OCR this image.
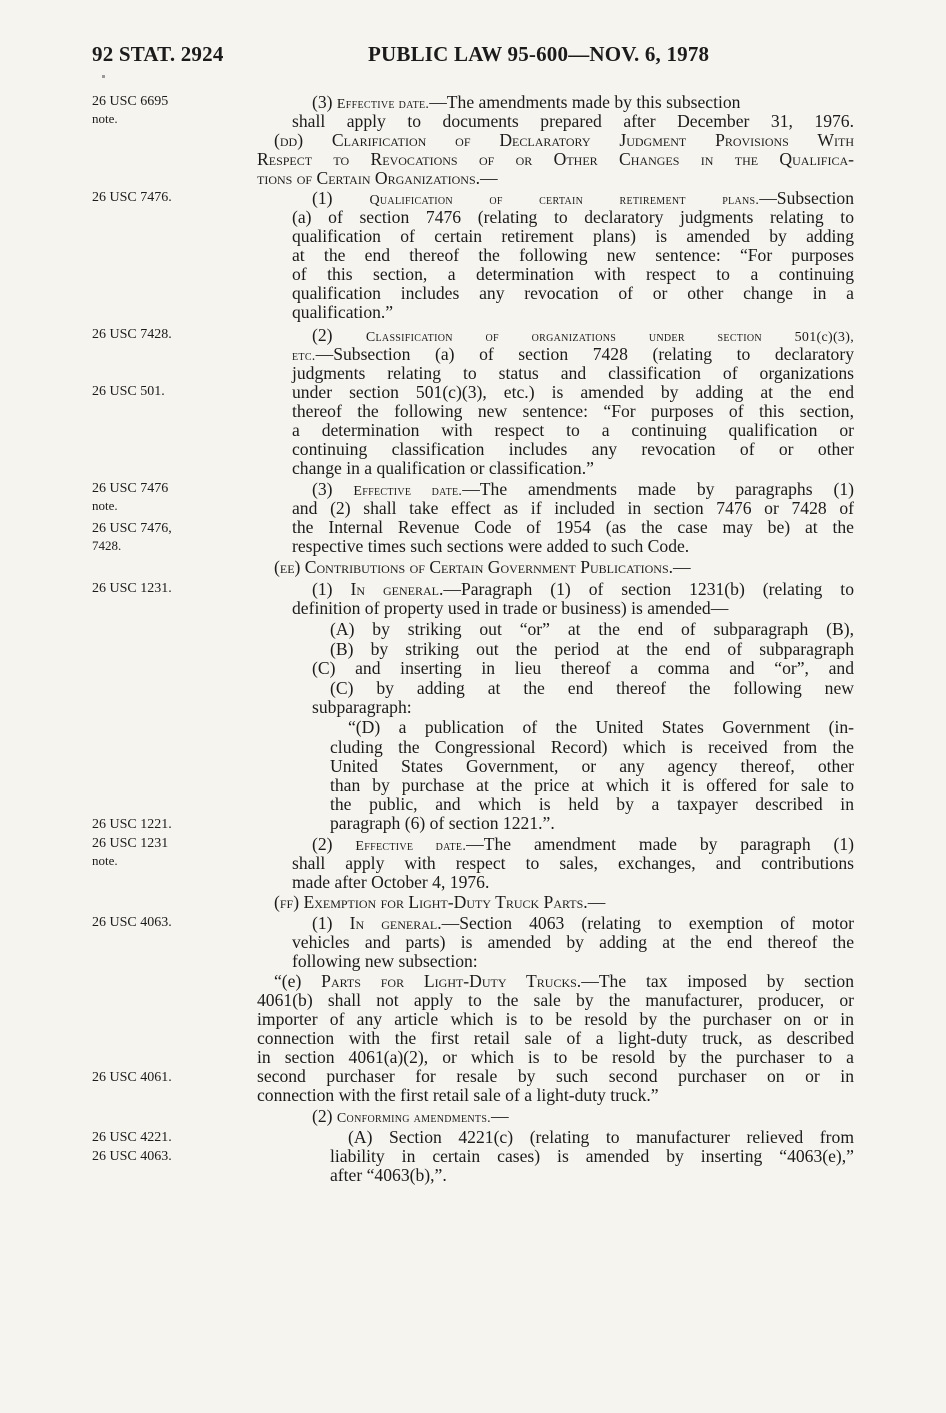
92 STAT. 2924	PUBLIC LAW 95-600—NOV. 6, 1978
26 USC 6695
note.
26 USC 7476.
26 USC 7428.
26 USC 501.
26 USC 7476
note.
26 USC 7476,
7428.
26 USC 1231.
26 USC 1221.
26 USC 1231
note.
26 USC 4063.
26 USC 4061.
26 USC 4221.
26 USC 4063.
(3) Effective date.—The amendments made by this subsection
shall apply to documents prepared after December 31, 1976.
(dd) Clarification of Declaratory Judgment Provisions With
Respect to Revocations of or Other Changes in the Qualifica-
tions of Certain Organizations.—
(1) Qualification of certain retirement plans.—Subsection
(a) of section 7476 (relating to declaratory judgments relating to
qualification of certain retirement plans) is amended by adding
at the end thereof the following new sentence: “For purposes
of this section, a determination with respect to a continuing
qualification includes any revocation of or other change in a
qualification.”
(2) Classification of organizations under section 501(c)(3),
etc.—Subsection (a) of section 7428 (relating to declaratory
judgments relating to status and classification of organizations
under section 501(c)(3), etc.) is amended by adding at the end
thereof the following new sentence: “For purposes of this section,
a determination with respect to a continuing qualification or
continuing classification includes any revocation of or other
change in a qualification or classification.”
(3) Effective date.—The amendments made by paragraphs (1)
and (2) shall take effect as if included in section 7476 or 7428 of
the Internal Revenue Code of 1954 (as the case may be) at the
respective times such sections were added to such Code.
(ee) Contributions of Certain Government Publications.—
(1) In general.—Paragraph (1) of section 1231(b) (relating to
definition of property used in trade or business) is amended—
(A) by striking out “or” at the end of subparagraph (B),
(B) by striking out the period at the end of subparagraph
(C) and inserting in lieu thereof a comma and “or”, and
(C) by adding at the end thereof the following new
subparagraph:
“(D) a publication of the United States Government (in-
cluding the Congressional Record) which is received from the
United States Government, or any agency thereof, other
than by purchase at the price at which it is offered for sale to
the public, and which is held by a taxpayer described in
paragraph (6) of section 1221.”.
(2) Effective date.—The amendment made by paragraph (1)
shall apply with respect to sales, exchanges, and contributions
made after October 4, 1976.
(ff) Exemption for Light-Duty Truck Parts.—
(1) In general.—Section 4063 (relating to exemption of motor
vehicles and parts) is amended by adding at the end thereof the
following new subsection:
“(e) Parts for Light-Duty Trucks.—The tax imposed by section
4061(b) shall not apply to the sale by the manufacturer, producer, or
importer of any article which is to be resold by the purchaser on or in
connection with the first retail sale of a light-duty truck, as described
in section 4061(a)(2), or which is to be resold by the purchaser to a
second purchaser for resale by such second purchaser on or in
connection with the first retail sale of a light-duty truck.”
(2) Conforming amendments.—
(A) Section 4221(c) (relating to manufacturer relieved from
liability in certain cases) is amended by inserting “4063(e),”
after “4063(b),”.
